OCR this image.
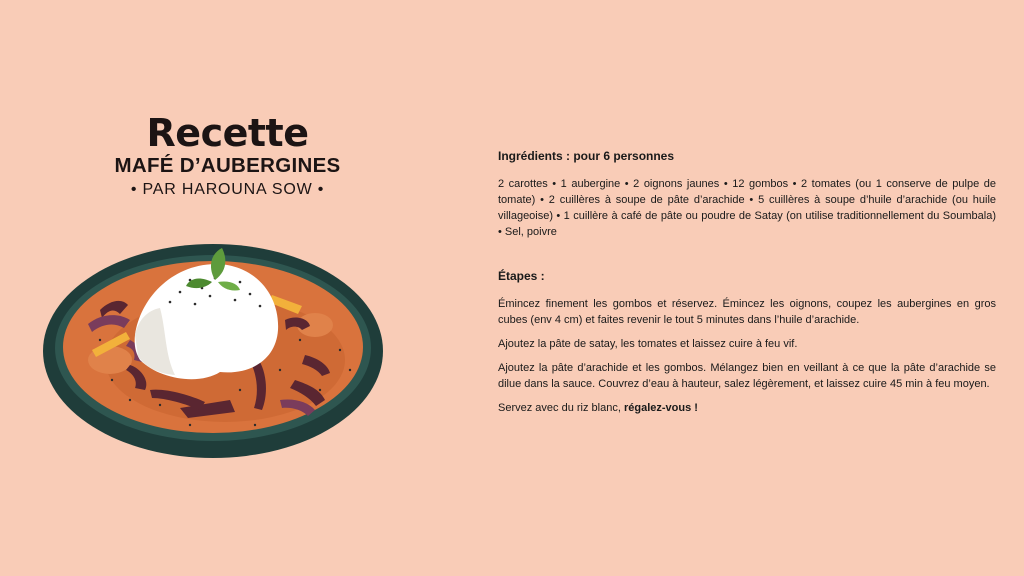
Recette
MAFÉ D’AUBERGINES
• PAR HAROUNA SOW •
Ingrédients : pour 6 personnes

2 carottes • 1 aubergine • 2 oignons jaunes • 12 gombos • 2 tomates (ou 1 conserve de pulpe de tomate) • 2 cuillères à soupe de pâte d’arachide • 5 cuillères à soupe d’huile d’arachide (ou huile villageoise) • 1 cuillère à café de pâte ou poudre de Satay (on utilise traditionnellement du Soumbala) • Sel, poivre

Étapes :

Émincez finement les gombos et réservez. Émincez les oignons, coupez les aubergines en gros cubes (env 4 cm) et faites revenir le tout 5 minutes dans l’huile d’arachide.

Ajoutez la pâte de satay, les tomates et laissez cuire à feu vif.

Ajoutez la pâte d’arachide et les gombos. Mélangez bien en veillant à ce que la pâte d’arachide se dilue dans la sauce. Couvrez d’eau à hauteur, salez légèrement, et laissez cuire 45 min à feu moyen.

Servez avec du riz blanc, régalez-vous !
